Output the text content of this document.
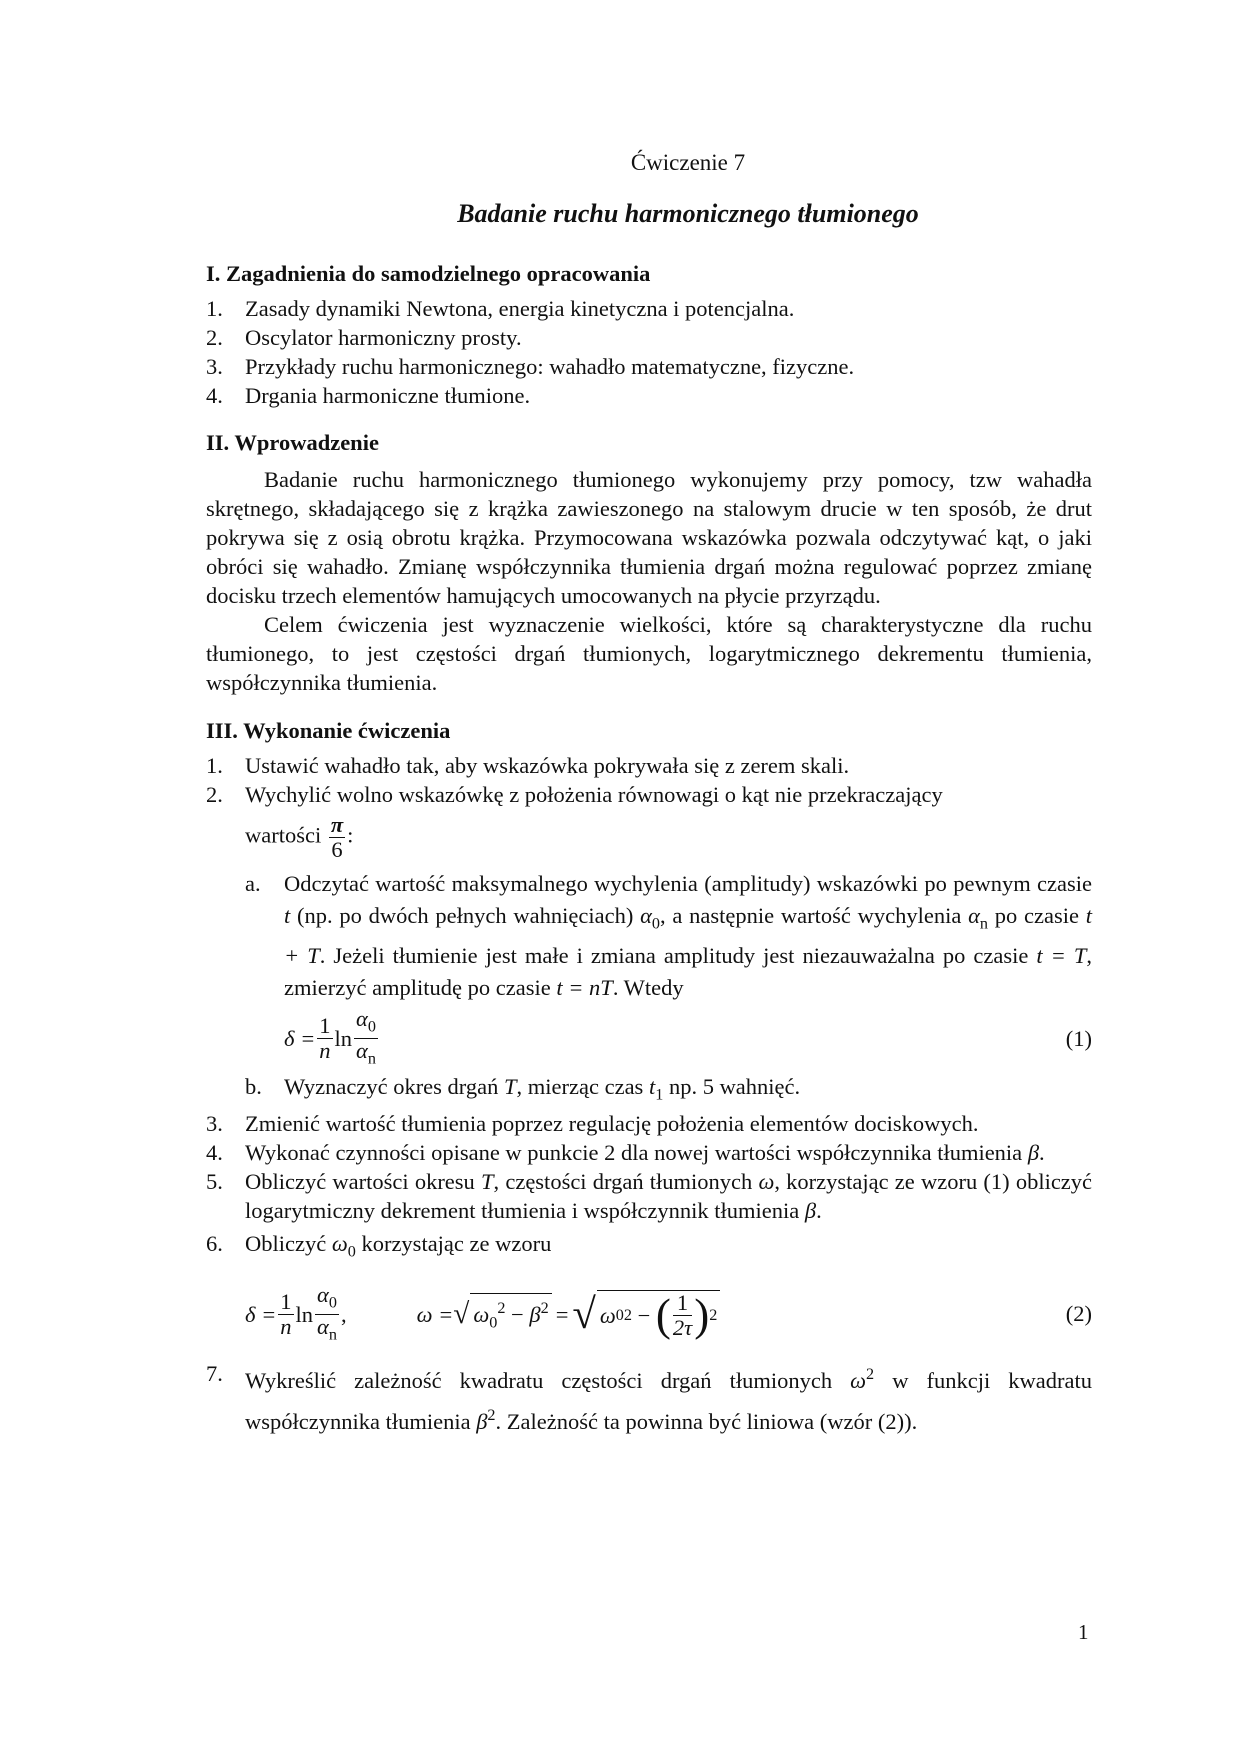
Ćwiczenie 7

Badanie ruchu harmonicznego tłumionego

I. Zagadnienia do samodzielnego opracowania

1. Zasady dynamiki Newtona, energia kinetyczna i potencjalna.
2. Oscylator harmoniczny prosty.
3. Przykłady ruchu harmonicznego: wahadło matematyczne, fizyczne.
4. Drgania harmoniczne tłumione.

II. Wprowadzenie

Badanie ruchu harmonicznego tłumionego wykonujemy przy pomocy, tzw wahadła skrętnego, składającego się z krążka zawieszonego na stalowym drucie w ten sposób, że drut pokrywa się z osią obrotu krążka. Przymocowana wskazówka pozwala odczytywać kąt, o jaki obróci się wahadło. Zmianę współczynnika tłumienia drgań można regulować poprzez zmianę docisku trzech elementów hamujących umocowanych na płycie przyrządu.

Celem ćwiczenia jest wyznaczenie wielkości, które są charakterystyczne dla ruchu tłumionego, to jest częstości drgań tłumionych, logarytmicznego dekrementu tłumienia, współczynnika tłumienia.

III. Wykonanie ćwiczenia

1. Ustawić wahadło tak, aby wskazówka pokrywała się z zerem skali.
2. Wychylić wolno wskazówkę z położenia równowagi o kąt nie przekraczający
wartości $\frac{\pi}{6}$ :
a. Odczytać wartość maksymalnego wychylenia (amplitudy) wskazówki po pewnym czasie t (np. po dwóch pełnych wahnięciach) $\alpha_0$, a następnie wartość wychylenia $\alpha_n$ po czasie t + T. Jeżeli tłumienie jest małe i zmiana amplitudy jest niezauważalna po czasie t = T, zmierzyć amplitudę po czasie t = nT. Wtedy
$\delta = \frac{1}{n}$ $\ln \frac{\alpha_0}{\alpha_n}$	(1)
b. Wyznaczyć okres drgań T, mierząc czas $t_1$ np. 5 wahnięć.
3. Zmienić wartość tłumienia poprzez regulację położenia elementów dociskowych.
4. Wykonać czynności opisane w punkcie 2 dla nowej wartości współczynnika tłumienia β.
5. Obliczyć wartości okresu T, częstości drgań tłumionych ω, korzystając ze wzoru (1) obliczyć logarytmiczny dekrement tłumienia i współczynnik tłumienia β.
6. Obliczyć $\omega_0$ korzystając ze wzoru
$\delta = \frac{1}{n}$ $\ln \frac{\alpha_0}{\alpha_n}$ ,	ω = √ $\omega_0^2 - \beta^2$ = √ ω 0 2
−
( $\frac{1}{2\tau}$ ) 2	(2)
7. Wykreślić zależność kwadratu częstości drgań tłumionych $\omega^2$ w funkcji kwadratu współczynnika tłumienia $\beta^2$. Zależność ta powinna być liniowa (wzór (2)).
1
